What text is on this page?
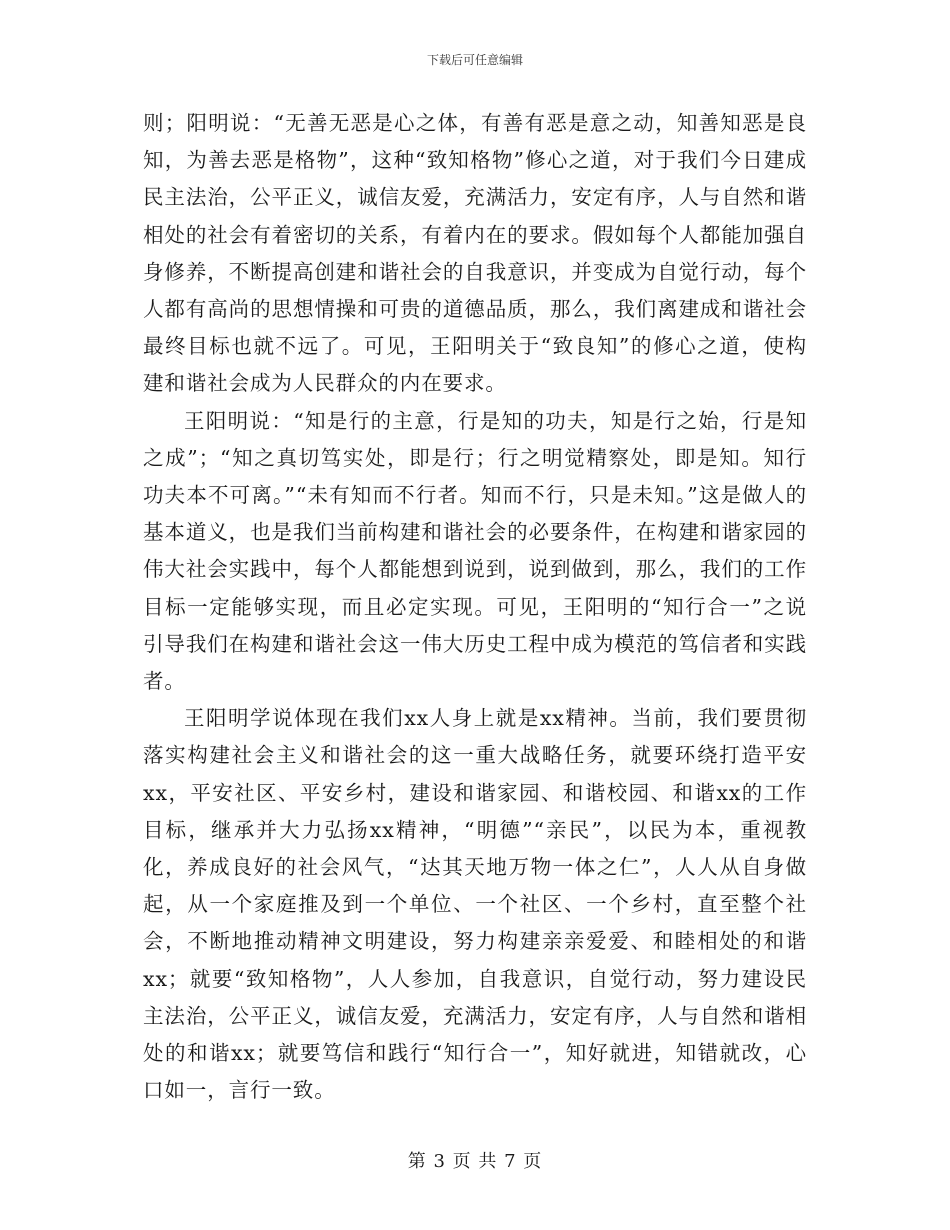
下载后可任意编辑

则；阳明说：“无善无恶是心之体，有善有恶是意之动，知善知恶是良知，为善去恶是格物”，这种“致知格物”修心之道，对于我们今日建成民主法治，公平正义，诚信友爱，充满活力，安定有序，人与自然和谐相处的社会有着密切的关系，有着内在的要求。假如每个人都能加强自身修养，不断提高创建和谐社会的自我意识，并变成为自觉行动，每个人都有高尚的思想情操和可贵的道德品质，那么，我们离建成和谐社会最终目标也就不远了。可见，王阳明关于“致良知”的修心之道，使构建和谐社会成为人民群众的内在要求。

王阳明说：“知是行的主意，行是知的功夫，知是行之始，行是知之成”；“知之真切笃实处，即是行；行之明觉精察处，即是知。知行功夫本不可离。”“未有知而不行者。知而不行，只是未知。”这是做人的基本道义，也是我们当前构建和谐社会的必要条件，在构建和谐家园的伟大社会实践中，每个人都能想到说到，说到做到，那么，我们的工作目标一定能够实现，而且必定实现。可见，王阳明的“知行合一”之说引导我们在构建和谐社会这一伟大历史工程中成为模范的笃信者和实践者。

王阳明学说体现在我们xx人身上就是xx精神。当前，我们要贯彻落实构建社会主义和谐社会的这一重大战略任务，就要环绕打造平安xx，平安社区、平安乡村，建设和谐家园、和谐校园、和谐xx的工作目标，继承并大力弘扬xx精神，“明德”“亲民”，以民为本，重视教化，养成良好的社会风气，“达其天地万物一体之仁”，人人从自身做起，从一个家庭推及到一个单位、一个社区、一个乡村，直至整个社会，不断地推动精神文明建设，努力构建亲亲爱爱、和睦相处的和谐xx；就要“致知格物”，人人参加，自我意识，自觉行动，努力建设民主法治，公平正义，诚信友爱，充满活力，安定有序，人与自然和谐相处的和谐xx；就要笃信和践行“知行合一”，知好就进，知错就改，心口如一，言行一致。

第 3 页 共 7 页
